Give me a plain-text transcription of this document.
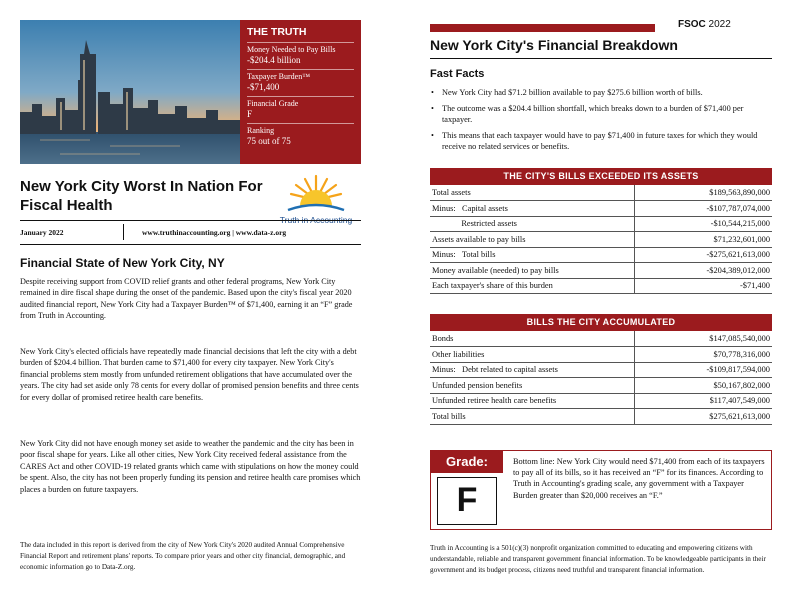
THE TRUTH
Money Needed to Pay Bills
-$204.4 billion
Taxpayer Burden™
-$71,400
Financial Grade
F
Ranking
75 out of 75
New York City Worst In Nation For Fiscal Health
Truth in Accounting
January 2022	www.truthinaccounting.org | www.data-z.org
Financial State of New York City, NY

Despite receiving support from COVID relief grants and other federal programs, New York City remained in dire fiscal shape during the onset of the pandemic. Based upon the city's fiscal year 2020 audited financial report, New York City had a Taxpayer Burden™ of $71,400, earning it an “F” grade from Truth in Accounting.

New York City's elected officials have repeatedly made financial decisions that left the city with a debt burden of $204.4 billion. That burden came to $71,400 for every city taxpayer. New York City's financial problems stem mostly from unfunded retirement obligations that have accumulated over the years. The city had set aside only 78 cents for every dollar of promised pension benefits and three cents for every dollar of promised retiree health care benefits.

New York City did not have enough money set aside to weather the pandemic and the city has been in poor fiscal shape for years. Like all other cities, New York City received federal assistance from the CARES Act and other COVID-19 related grants which came with stipulations on how the money could be spent. Also, the city has not been properly funding its pension and retiree health care promises which places a burden on future taxpayers.

The data included in this report is derived from the city of New York City's 2020 audited Annual Comprehensive Financial Report and retirement plans' reports. To compare prior years and other city financial, demographic, and economic information go to Data-Z.org.

FSOC 2022
New York City's Financial Breakdown
Fast Facts
• New York City had $71.2 billion available to pay $275.6 billion worth of bills.
• The outcome was a $204.4 billion shortfall, which breaks down to a burden of $71,400 per taxpayer.
• This means that each taxpayer would have to pay $71,400 in future taxes for which they would receive no related services or benefits.
THE CITY'S BILLS EXCEEDED ITS ASSETS
Total assets	$189,563,890,000
Minus:   Capital assets	-$107,787,074,000
Restricted assets	-$10,544,215,000
Assets available to pay bills	$71,232,601,000
Minus:   Total bills	-$275,621,613,000
Money available (needed) to pay bills	-$204,389,012,000
Each taxpayer's share of this burden	-$71,400
BILLS THE CITY ACCUMULATED
Bonds	$147,085,540,000
Other liabilities	$70,778,316,000
Minus:   Debt related to capital assets	-$109,817,594,000
Unfunded pension benefits	$50,167,802,000
Unfunded retiree health care benefits	$117,407,549,000
Total bills	$275,621,613,000
Grade:
F

Bottom line: New York City would need $71,400 from each of its taxpayers to pay all of its bills, so it has received an “F” for its finances. According to Truth in Accounting's grading scale, any government with a Taxpayer Burden greater than $20,000 receives an “F.”

Truth in Accounting is a 501(c)(3) nonprofit organization committed to educating and empowering citizens with understandable, reliable and transparent government financial information. To be knowledgeable participants in their government and its budget process, citizens need truthful and transparent financial information.
